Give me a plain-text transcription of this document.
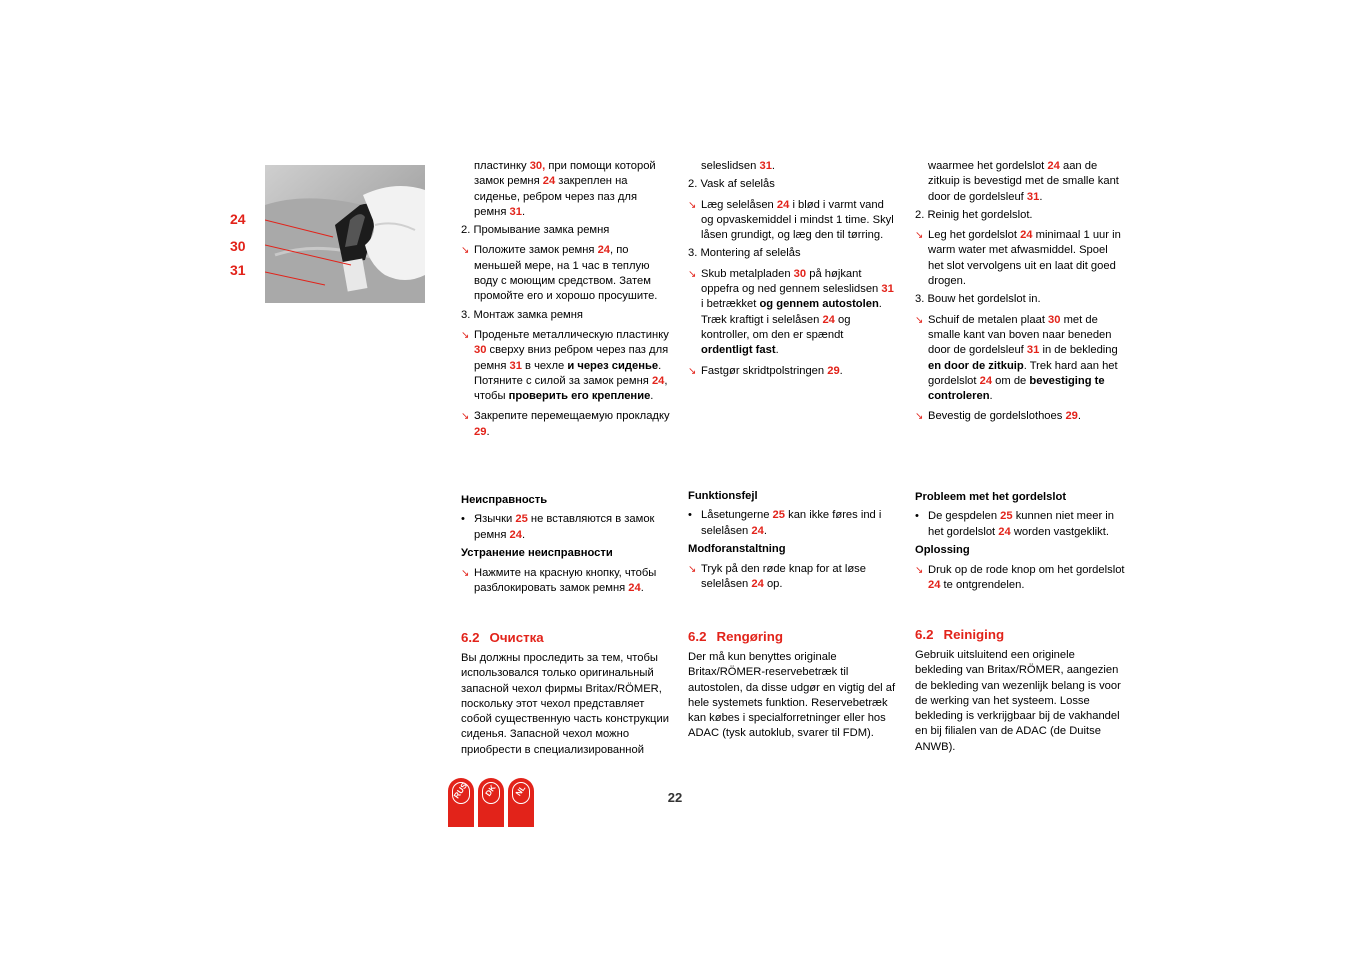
24
30
31
пластинку 30, при помощи которой замок ремня 24 закреплен на сиденье, ребром через паз для ремня 31.
2. Промывание замка ремня
↘ Положите замок ремня 24, по меньшей мере, на 1 час в теплую воду с моющим средством. Затем промойте его и хорошо просушите.
3. Монтаж замка ремня
↘ Проденьте металлическую пластинку 30 сверху вниз ребром через паз для ремня 31 в чехле и через сиденье. Потяните с силой за замок ремня 24, чтобы проверить его крепление.
↘ Закрепите перемещаемую прокладку 29.
Неисправность
• Язычки 25 не вставляются в замок ремня 24.
Устранение неисправности
↘ Нажмите на красную кнопку, чтобы разблокировать замок ремня 24.
6.2 Очистка
Вы должны проследить за тем, чтобы использовался только оригинальный запасной чехол фирмы Britax/RÖMER, поскольку этот чехол представляет собой существенную часть конструкции сиденья. Запасной чехол можно приобрести в специализированной
seleslidsen 31.
2. Vask af selelås
↘ Læg selelåsen 24 i blød i varmt vand og opvaskemiddel i mindst 1 time. Skyl låsen grundigt, og læg den til tørring.
3. Montering af selelås
↘ Skub metalpladen 30 på højkant oppefra og ned gennem seleslidsen 31 i betrækket og gennem autostolen.
Træk kraftigt i selelåsen 24 og kontroller, om den er spændt ordentligt fast.
↘ Fastgør skridtpolstringen 29.
Funktionsfejl
• Låsetungerne 25 kan ikke føres ind i selelåsen 24.
Modforanstaltning
↘ Tryk på den røde knap for at løse selelåsen 24 op.
6.2 Rengøring
Der må kun benyttes originale Britax/RÖMER-reservebetræk til autostolen, da disse udgør en vigtig del af hele systemets funktion. Reservebetræk kan købes i specialforretninger eller hos ADAC (tysk autoklub, svarer til FDM).
waarmee het gordelslot 24 aan de zitkuip is bevestigd met de smalle kant door de gordelsleuf 31.
2. Reinig het gordelslot.
↘ Leg het gordelslot 24 minimaal 1 uur in warm water met afwasmiddel. Spoel het slot vervolgens uit en laat dit goed drogen.
3. Bouw het gordelslot in.
↘ Schuif de metalen plaat 30 met de smalle kant van boven naar beneden door de gordelsleuf 31 in de bekleding en door de zitkuip. Trek hard aan het gordelslot 24 om de bevestiging te controleren.
↘ Bevestig de gordelslothoes 29.
Probleem met het gordelslot
• De gespdelen 25 kunnen niet meer in het gordelslot 24 worden vastgeklikt.
Oplossing
↘ Druk op de rode knop om het gordelslot 24 te ontgrendelen.
6.2 Reiniging
Gebruik uitsluitend een originele bekleding van Britax/RÖMER, aangezien de bekleding van wezenlijk belang is voor de werking van het systeem. Losse bekleding is verkrijgbaar bij de vakhandel en bij filialen van de ADAC (de Duitse ANWB).
RUS	DK	NL	22
